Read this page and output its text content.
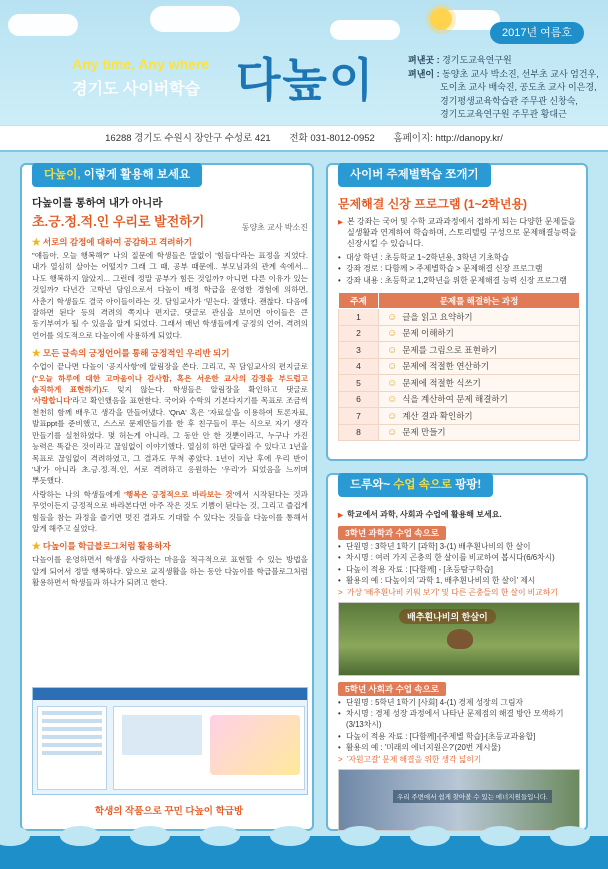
2017년 여름호
Any time, Any where
경기도 사이버학습 다높이	펴낸곳 : 경기도교육연구원
펴낸이 : 동양초 교사 박소진, 선부초 교사 엄건우,
도이초 교사 배숙진, 공도초 교사 이은경,
경기평생교육학습관 주무관 신창숙,
경기도교육연구원 주무관 황대근
16288 경기도 수원시 장안구 수성로 421 전화 031-8012-0952 홈페이지: http://danopy.kr/
다높이, 이렇게 활용해 보세요
다높이를 통하여 내가 아니라
초.긍.정.적.인 우리로 발전하기	동양초 교사 박소진
★ 서로의 감정에 대하여 공감하고 격려하기
"얘들아, 오늘 행복해?" 나의 질문에 학생들은 말없이 '힘들다'라는 표정을 지었다. 내가 열심히 살아는 어떨지? 그래 그 때, 공부 때문에.. 부모님과의 관계 속에서... 나도 행복하지 않았지... 그런데 정말 공부가 힘든 것일까? 아니면 다른 이유가 있는 것일까? 다년간 고학년 담임으로서 다높이 배정 학급을 운영한 경험에 의하면, 사춘기 학생들도 결국 아이들이라는 것. 담임교사가 '믿는다. 잘했다. 괜찮다. 다음에 잘하면 된다' 등의 격려의 쪽지나 편지글, 댓글로 관심을 보이면 아이들은 큰 동기부여가 될 수 있음을 알게 되었다. 그래서 매년 학생들에게 긍정의 언어, 격려의 언어를 의도적으로 다높이에 사용하게 되었다.
★ 모든 글속의 긍정언어를 통해 긍정적인 우리반 되기
수업이 끝나면 다높이 '공지사항'에 알림장을 쓴다. 그리고, 꼭 담임교사의 편지글로 ("오늘 하루에 대한 고마움이나 감사함, 혹은 서운한 교사의 감정을 부드럽고 솔직하게 표현하기)도 잊지 않는다. 학생들은 알림장을 확인하고 댓글로 '사랑합니다'라고 확인했음을 표현한다. 국어와 수학의 기본다지기를 목표로 조금씩 천천히 함께 배우고 생각을 만들어냈다. 'QnA' 혹은 '자료실'을 이용하여 토론자료, 발표ppt를 준비했고, 스스로 문제만들기를 한 후 친구들이 푸는 식으로 자기 생각 만들기를 실천하였다. 몇 허는게 아니라, 그 동안 안 한 것뿐이라고, 누구나 가진 능력은 똑같은 것이라고 끊임없이 이야기했다. 열심히 하면 달라질 수 있다고 1년을 목표로 끊임없이 격려하였고, 그 결과도 무척 좋았다. 1년이 지난 후에 우리 반이 '내'가 아니라 초.긍.정.적.인, 서로 격려하고 응원하는 '우리'가 되었음을 느끼며 뿌듯했다.
사랑하는 나의 학생들에게 '행복은 긍정적으로 바라보는 것'에서 시작된다는 것과 무엇이든지 긍정적으로 바라본다면 아주 작은 것도 기쁨이 된다는 것, 그리고 즐겁게 힘들을 참는 과정을 즐기면 멋진 결과도 기대할 수 있다는 것들을 다높이를 통해서 알게 해주고 싶었다.
★ 다높이를 학급블로그처럼 활용하자
다높이를 운영하면서 학생을 사랑하는 마음을 적극적으로 표현할 수 있는 방법을 알게 되어서 정말 행복하다. 앞으로 교직생활을 하는 동안 다높이를 학급블로그처럼 활용하면서 학생들과 하나가 되려고 한다.
학생의 작품으로 꾸민 다높이 학급방
사이버 주제별학습 쪼개기
문제해결 신장 프로그램 (1~2학년용)
▶ 본 강좌는 국어 및 수학 교과과정에서 접하게 되는 다양한 문제들을 실생활과 연계하여 학습하며, 스토리텔링 구성으로 문제해결능력을 신장시킬 수 있습니다.
• 대상 학년 : 초등학교 1~2학년용, 3학년 기초학습
• 강좌 경로 : 다함께 > 주제별학습 > 문제해결 신장 프로그램
• 강좌 내용 : 초등학교 1,2학년을 위한 문제해결 능력 신장 프로그램
주제	문제를 해결하는 과정
1	☺ 글을 읽고 요약하기
2	☺ 문제 이해하기
3	☺ 문제를 그림으로 표현하기
4	☺ 문제에 적절한 연산하기
5	☺ 문제에 적절한 식쓰기
6	☺ 식을 계산하여 문제 해결하기
7	☺ 계산 결과 확인하기
8	☺ 문제 만들기
드루와~ 수업 속으로 팡팡!
▶ 학교에서 과학, 사회과 수업에 활용해 보세요.
3학년 과학과 수업 속으로
• 단원명 : 3학년 1학기 [과학] 3-(1) 배추흰나비의 한 살이
• 차시명 : 여러 가지 곤충의 한 살이를 비교하여 봅시다(6/6차시)
• 다높이 적용 자료 : [다함께] - [초등탐구학습]
• 활용의 예 : 다높이의 '과학 1, 배추흰나비의 한 살이' 제시
> 가상 '배추흰나비 키워 보기' 및 다른 곤충들의 한 살이 비교하기
배추흰나비의 한살이
5학년 사회과 수업 속으로
• 단원명 : 5학년 1학기 [사회] 4-(1) 경제 성장의 그림자
• 차시명 : 경제 성장 과정에서 나타난 문제점의 해결 방안 모색하기(3/13차시)
• 다높이 적용 자료 : [다함께]-[주제별 학습]-[초등교과융합]
• 활용의 예 : '미래의 에너지원은?'(20번 게시물)
> '자원고갈' 문제 해결을 위한 생각 넓히기
우리 주변에서 쉽게 찾아볼 수 있는 에너지원들입니다.
